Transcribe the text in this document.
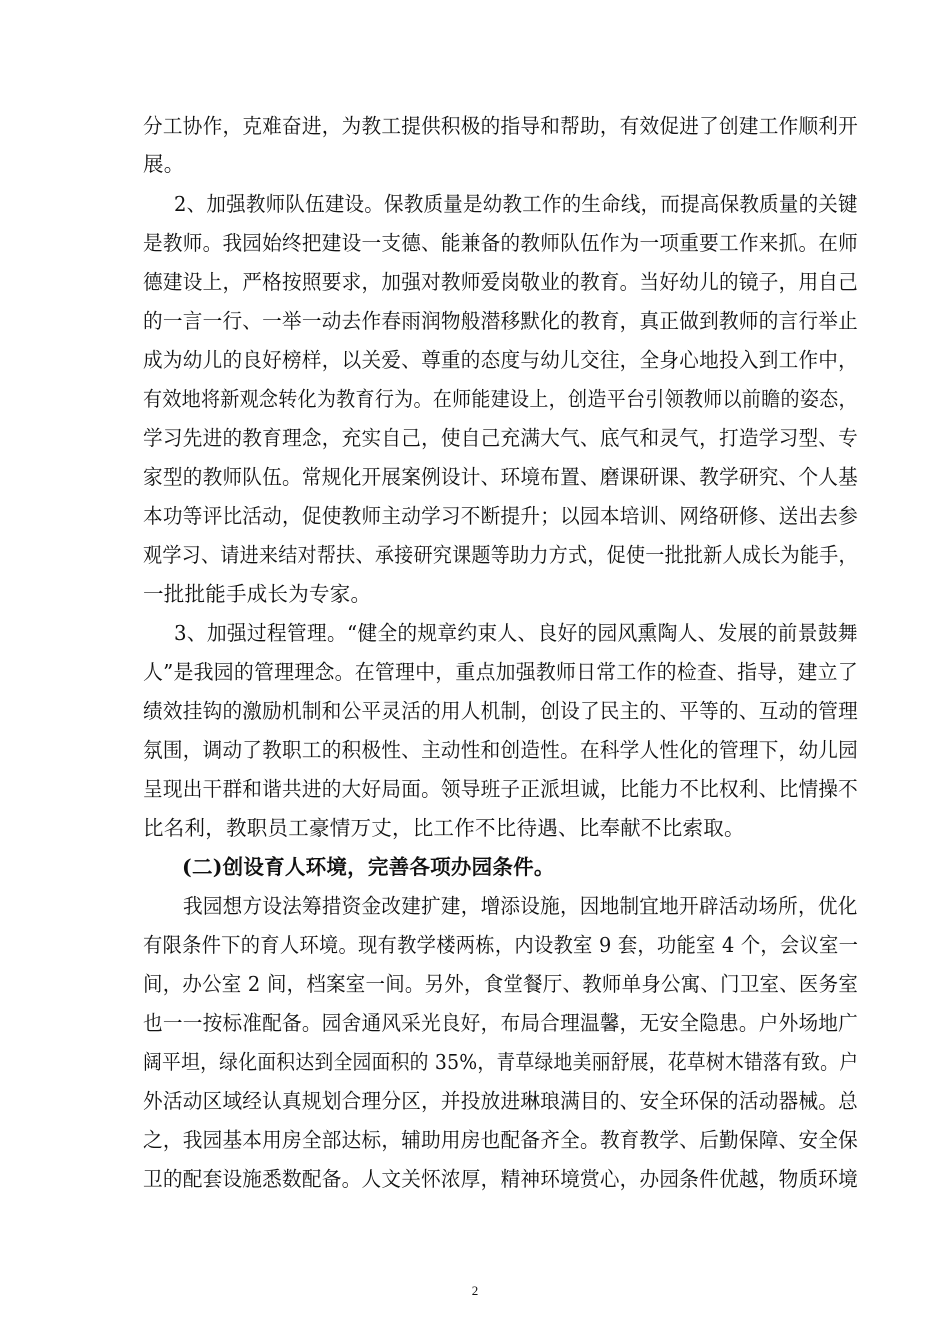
分工协作，克难奋进，为教工提供积极的指导和帮助，有效促进了创建工作顺利开
展。
2、加强教师队伍建设。保教质量是幼教工作的生命线，而提高保教质量的关键
是教师。我园始终把建设一支德、能兼备的教师队伍作为一项重要工作来抓。在师
德建设上，严格按照要求，加强对教师爱岗敬业的教育。当好幼儿的镜子，用自己
的一言一行、一举一动去作春雨润物般潜移默化的教育，真正做到教师的言行举止
成为幼儿的良好榜样，以关爱、尊重的态度与幼儿交往，全身心地投入到工作中，
有效地将新观念转化为教育行为。在师能建设上，创造平台引领教师以前瞻的姿态，
学习先进的教育理念，充实自己，使自己充满大气、底气和灵气，打造学习型、专
家型的教师队伍。常规化开展案例设计、环境布置、磨课研课、教学研究、个人基
本功等评比活动，促使教师主动学习不断提升；以园本培训、网络研修、送出去参
观学习、请进来结对帮扶、承接研究课题等助力方式，促使一批批新人成长为能手，
一批批能手成长为专家。
3、加强过程管理。“健全的规章约束人、良好的园风熏陶人、发展的前景鼓舞
人”是我园的管理理念。在管理中，重点加强教师日常工作的检查、指导，建立了
绩效挂钩的激励机制和公平灵活的用人机制，创设了民主的、平等的、互动的管理
氛围，调动了教职工的积极性、主动性和创造性。在科学人性化的管理下，幼儿园
呈现出干群和谐共进的大好局面。领导班子正派坦诚，比能力不比权利、比情操不
比名利，教职员工豪情万丈，比工作不比待遇、比奉献不比索取。
(二)创设育人环境，完善各项办园条件。
我园想方设法筹措资金改建扩建，增添设施，因地制宜地开辟活动场所，优化
有限条件下的育人环境。现有教学楼两栋，内设教室 9 套，功能室 4 个，会议室一
间，办公室 2 间，档案室一间。另外，食堂餐厅、教师单身公寓、门卫室、医务室
也一一按标准配备。园舍通风采光良好，布局合理温馨，无安全隐患。户外场地广
阔平坦，绿化面积达到全园面积的 35%，青草绿地美丽舒展，花草树木错落有致。户
外活动区域经认真规划合理分区，并投放进琳琅满目的、安全环保的活动器械。总
之，我园基本用房全部达标，辅助用房也配备齐全。教育教学、后勤保障、安全保
卫的配套设施悉数配备。人文关怀浓厚，精神环境赏心，办园条件优越，物质环境
2
